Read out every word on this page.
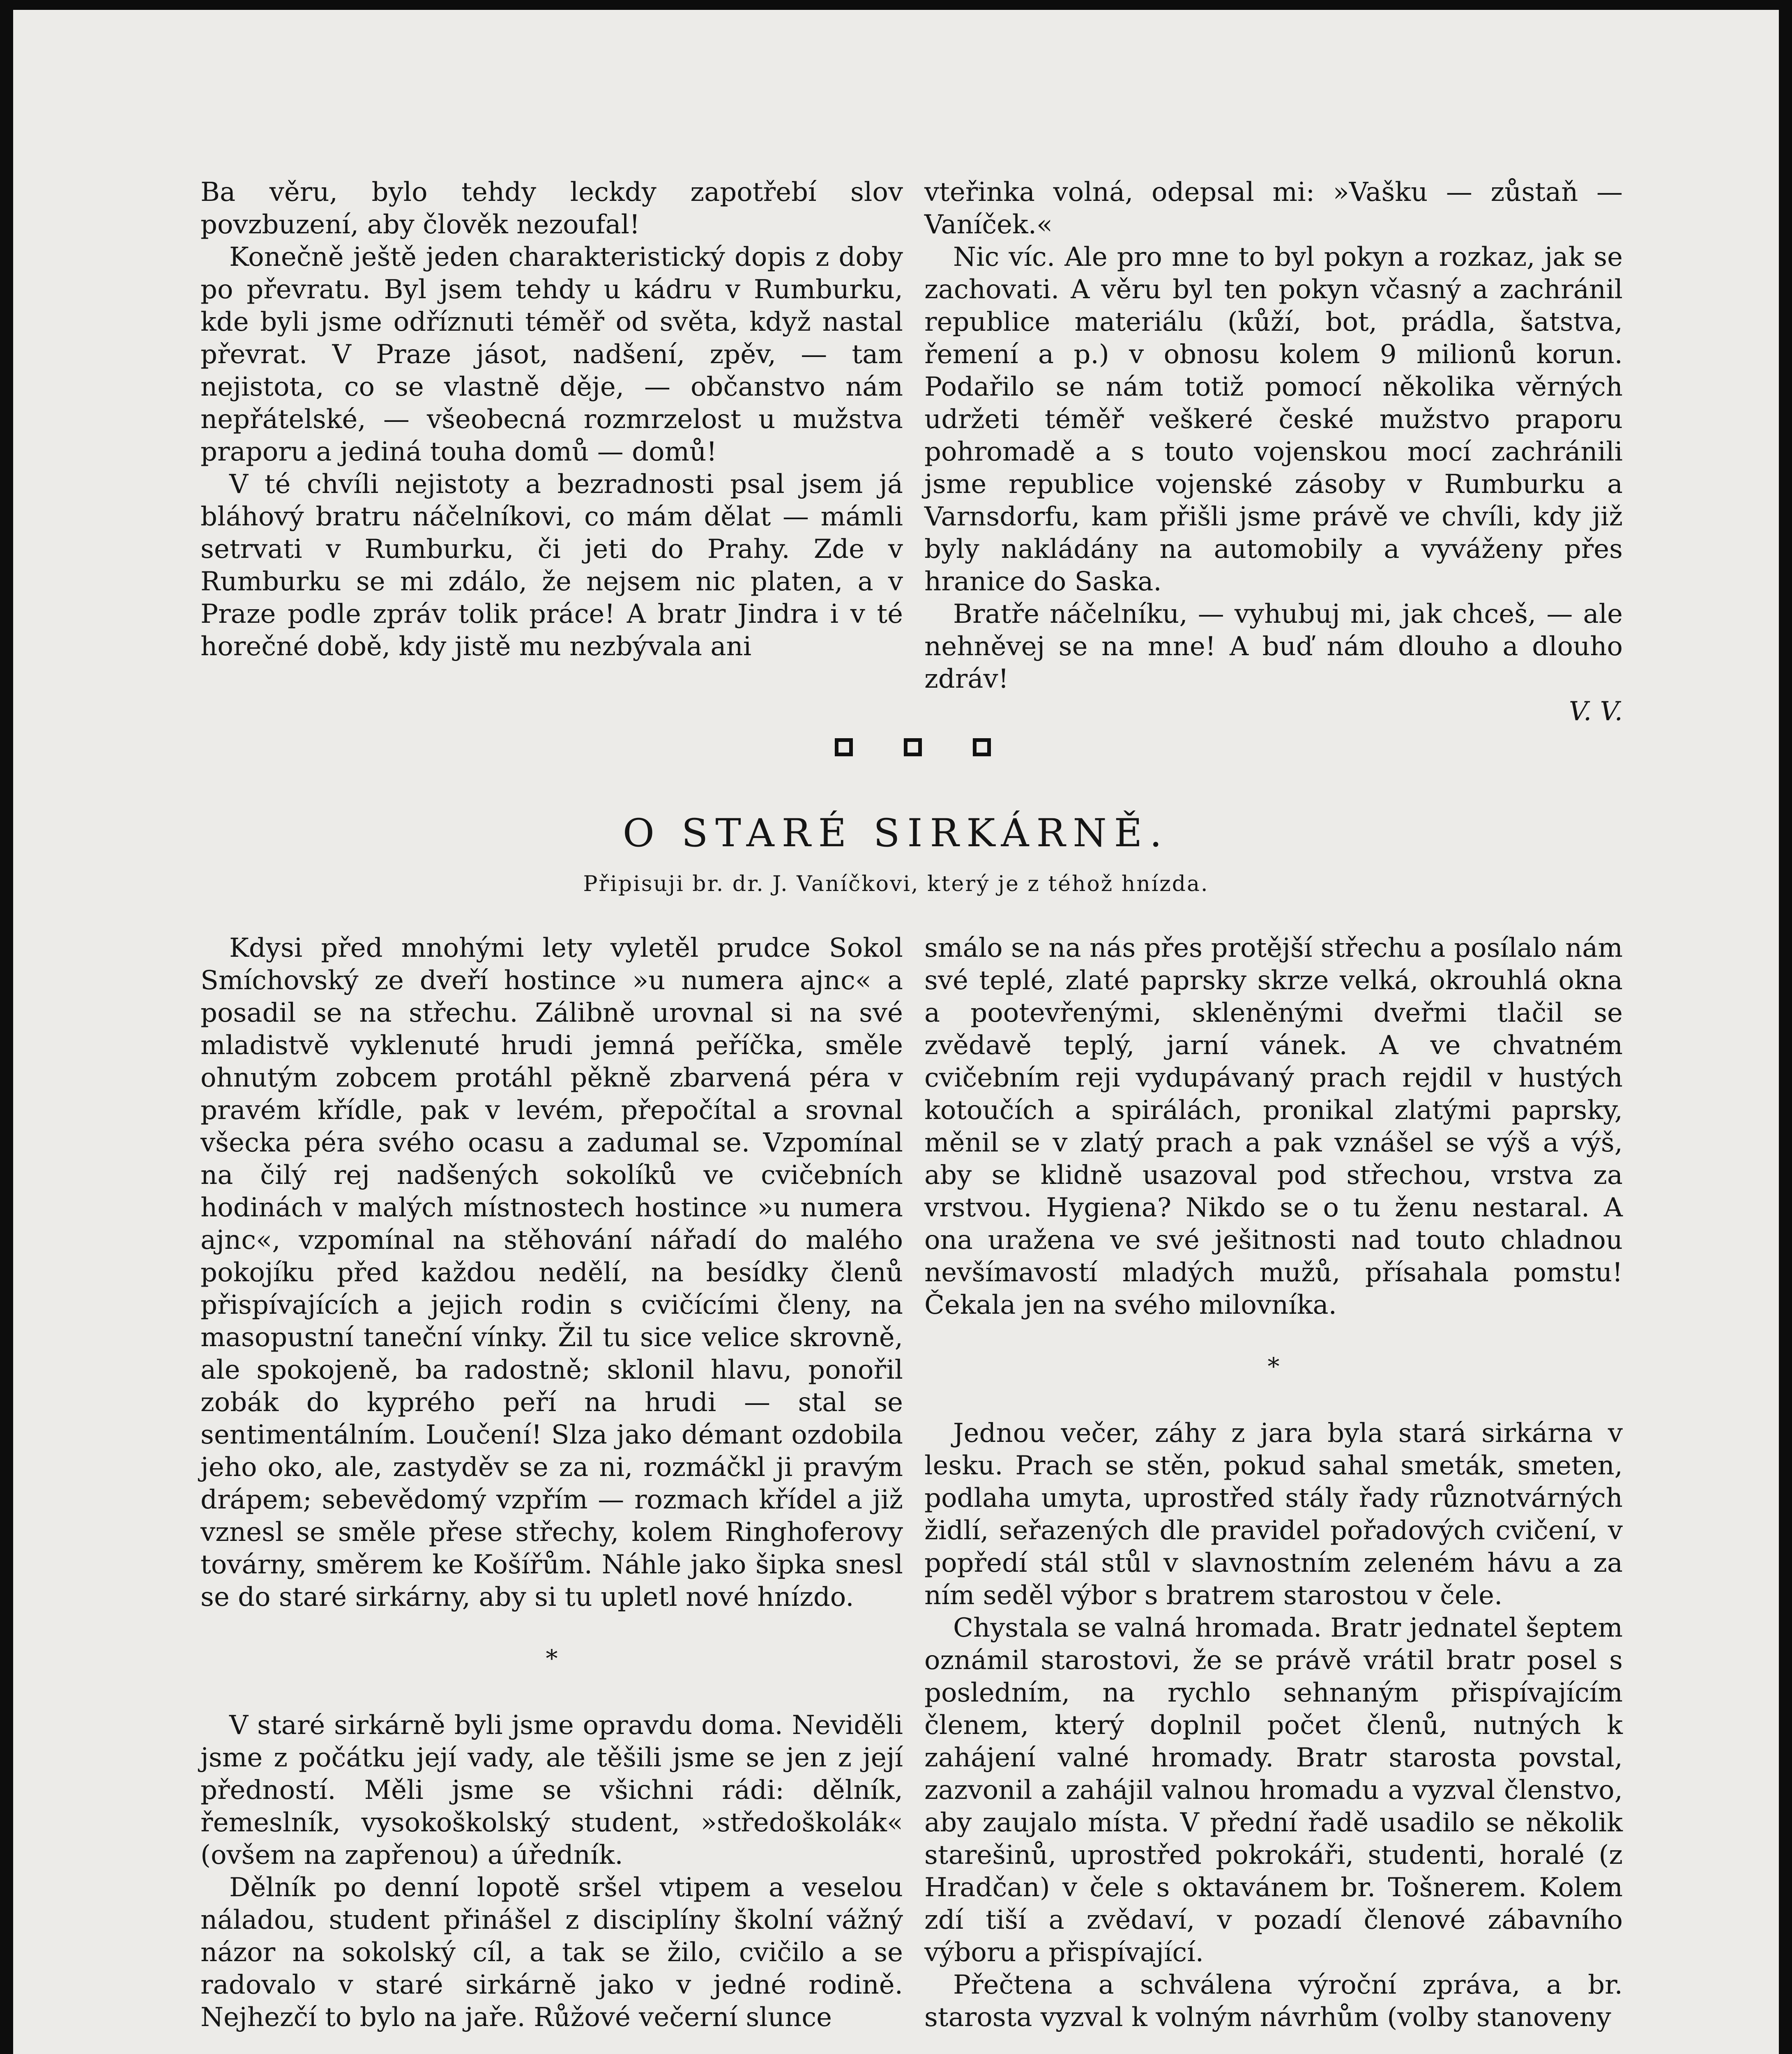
Ba věru, bylo tehdy leckdy zapotřebí slov povzbuzení, aby člověk nezoufal!

Konečně ještě jeden charakteristický dopis z doby po převratu. Byl jsem tehdy u kádru v Rumburku, kde byli jsme odříznuti téměř od světa, když nastal převrat. V Praze jásot, nadšení, zpěv, — tam nejistota, co se vlastně děje, — občanstvo nám nepřátelské, — všeobecná rozmrzelost u mužstva praporu a jediná touha domů — domů!

V té chvíli nejistoty a bezradnosti psal jsem já bláhový bratru náčelníkovi, co mám dělat — mámli setrvati v Rumburku, či jeti do Prahy. Zde v Rumburku se mi zdálo, že nejsem nic platen, a v Praze podle zpráv tolik práce! A bratr Jindra i v té horečné době, kdy jistě mu nezbývala ani

vteřinka volná, odepsal mi: »Vašku — zůstaň — Vaníček.«

Nic víc. Ale pro mne to byl pokyn a rozkaz, jak se zachovati. A věru byl ten pokyn včasný a zachránil republice materiálu (kůží, bot, prádla, šatstva, řemení a p.) v obnosu kolem 9 milionů korun. Podařilo se nám totiž pomocí několika věrných udržeti téměř veškeré české mužstvo praporu pohromadě a s touto vojenskou mocí zachránili jsme republice vojenské zásoby v Rumburku a Varnsdorfu, kam přišli jsme právě ve chvíli, kdy již byly nakládány na automobily a vyváženy přes hranice do Saska.

Bratře náčelníku, — vyhubuj mi, jak chceš, — ale nehněvej se na mne! A buď nám dlouho a dlouho zdráv!

V. V.

O STARÉ SIRKÁRNĚ.
Připisuji br. dr. J. Vaníčkovi, který je z téhož hnízda.

Kdysi před mnohými lety vyletěl prudce Sokol Smíchovský ze dveří hostince »u numera ajnc« a posadil se na střechu. Zálibně urovnal si na své mladistvě vyklenuté hrudi jemná peříčka, směle ohnutým zobcem protáhl pěkně zbarvená péra v pravém křídle, pak v levém, přepočítal a srovnal všecka péra svého ocasu a zadumal se. Vzpomínal na čilý rej nadšených sokolíků ve cvičebních hodinách v malých místnostech hostince »u numera ajnc«, vzpomínal na stěhování nářadí do malého pokojíku před každou nedělí, na besídky členů přispívajících a jejich rodin s cvičícími členy, na masopustní taneční vínky. Žil tu sice velice skrovně, ale spokojeně, ba radostně; sklonil hlavu, ponořil zobák do kyprého peří na hrudi — stal se sentimentálním. Loučení! Slza jako démant ozdobila jeho oko, ale, zastyděv se za ni, rozmáčkl ji pravým drápem; sebevědomý vzpřím — rozmach křídel a již vznesl se směle přese střechy, kolem Ringhoferovy továrny, směrem ke Košířům. Náhle jako šipka snesl se do staré sirkárny, aby si tu upletl nové hnízdo.

*

V staré sirkárně byli jsme opravdu doma. Neviděli jsme z počátku její vady, ale těšili jsme se jen z její předností. Měli jsme se všichni rádi: dělník, řemeslník, vysokoškolský student, »středoškolák« (ovšem na zapřenou) a úředník.

Dělník po denní lopotě sršel vtipem a veselou náladou, student přinášel z disciplíny školní vážný názor na sokolský cíl, a tak se žilo, cvičilo a se radovalo v staré sirkárně jako v jedné rodině. Nejhezčí to bylo na jaře. Růžové večerní slunce

smálo se na nás přes protější střechu a posílalo nám své teplé, zlaté paprsky skrze velká, okrouhlá okna a pootevřenými, skleněnými dveřmi tlačil se zvědavě teplý, jarní vánek. A ve chvatném cvičebním reji vydupávaný prach rejdil v hustých kotoučích a spirálách, pronikal zlatými paprsky, měnil se v zlatý prach a pak vznášel se výš a výš, aby se klidně usazoval pod střechou, vrstva za vrstvou. Hygiena? Nikdo se o tu ženu nestaral. A ona uražena ve své ješitnosti nad touto chladnou nevšímavostí mladých mužů, přísahala pomstu! Čekala jen na svého milovníka.

*

Jednou večer, záhy z jara byla stará sirkárna v lesku. Prach se stěn, pokud sahal smeták, smeten, podlaha umyta, uprostřed stály řady různotvárných židlí, seřazených dle pravidel pořadových cvičení, v popředí stál stůl v slavnostním zeleném hávu a za ním seděl výbor s bratrem starostou v čele.

Chystala se valná hromada. Bratr jednatel šeptem oznámil starostovi, že se právě vrátil bratr posel s posledním, na rychlo sehnaným přispívajícím členem, který doplnil počet členů, nutných k zahájení valné hromady. Bratr starosta povstal, zazvonil a zahájil valnou hromadu a vyzval členstvo, aby zaujalo místa. V přední řadě usadilo se několik starešinů, uprostřed pokrokáři, studenti, horalé (z Hradčan) v čele s oktavánem br. Tošnerem. Kolem zdí tiší a zvědaví, v pozadí členové zábavního výboru a přispívající.

Přečtena a schválena výroční zpráva, a br. starosta vyzval k volným návrhům (volby stanoveny
